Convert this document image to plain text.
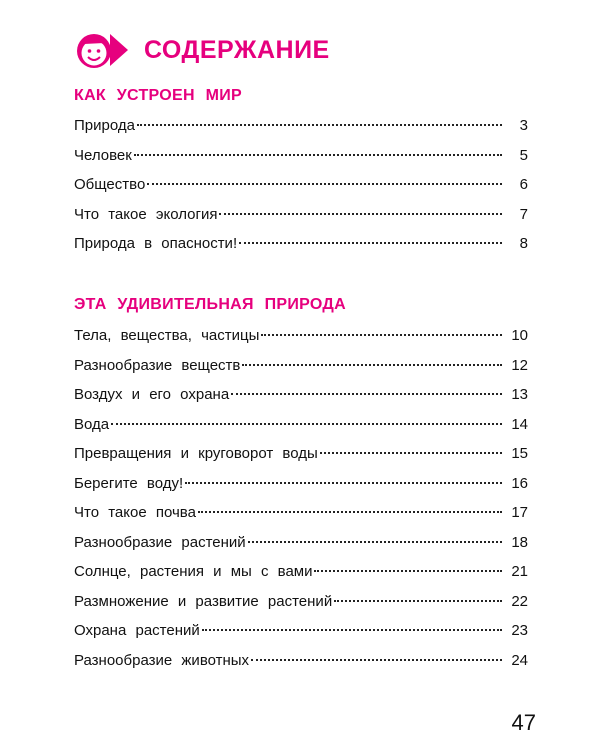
СОДЕРЖАНИЕ
КАК УСТРОЕН МИР
Природа	3
Человек	5
Общество	6
Что такое экология	7
Природа в опасности!	8
ЭТА УДИВИТЕЛЬНАЯ ПРИРОДА
Тела, вещества, частицы	10
Разнообразие веществ	12
Воздух и его охрана	13
Вода	14
Превращения и круговорот воды	15
Берегите воду!	16
Что такое почва	17
Разнообразие растений	18
Солнце, растения и мы с вами	21
Размножение и развитие растений	22
Охрана растений	23
Разнообразие животных	24
47
